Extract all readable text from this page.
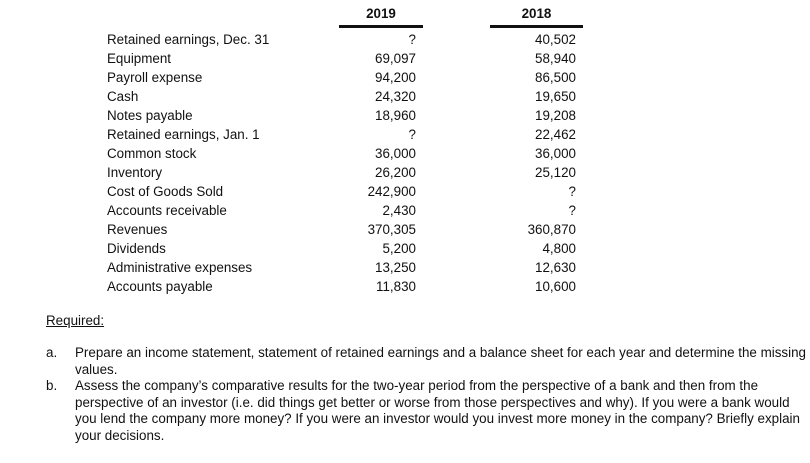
2019	2018
Retained earnings, Dec. 31
Equipment
Payroll expense
Cash
Notes payable
Retained earnings, Jan. 1
Common stock
Inventory
Cost of Goods Sold
Accounts receivable
Revenues
Dividends
Administrative expenses
Accounts payable
?
69,097
94,200
24,320
18,960
?
36,000
26,200
242,900
2,430
370,305
5,200
13,250
11,830
40,502
58,940
86,500
19,650
19,208
22,462
36,000
25,120
?
?
360,870
4,800
12,630
10,600
Required:
a. Prepare an income statement, statement of retained earnings and a balance sheet for each year and determine the missing values.
b. Assess the company’s comparative results for the two-year period from the perspective of a bank and then from the perspective of an investor (i.e. did things get better or worse from those perspectives and why). If you were a bank would you lend the company more money? If you were an investor would you invest more money in the company? Briefly explain your decisions.
